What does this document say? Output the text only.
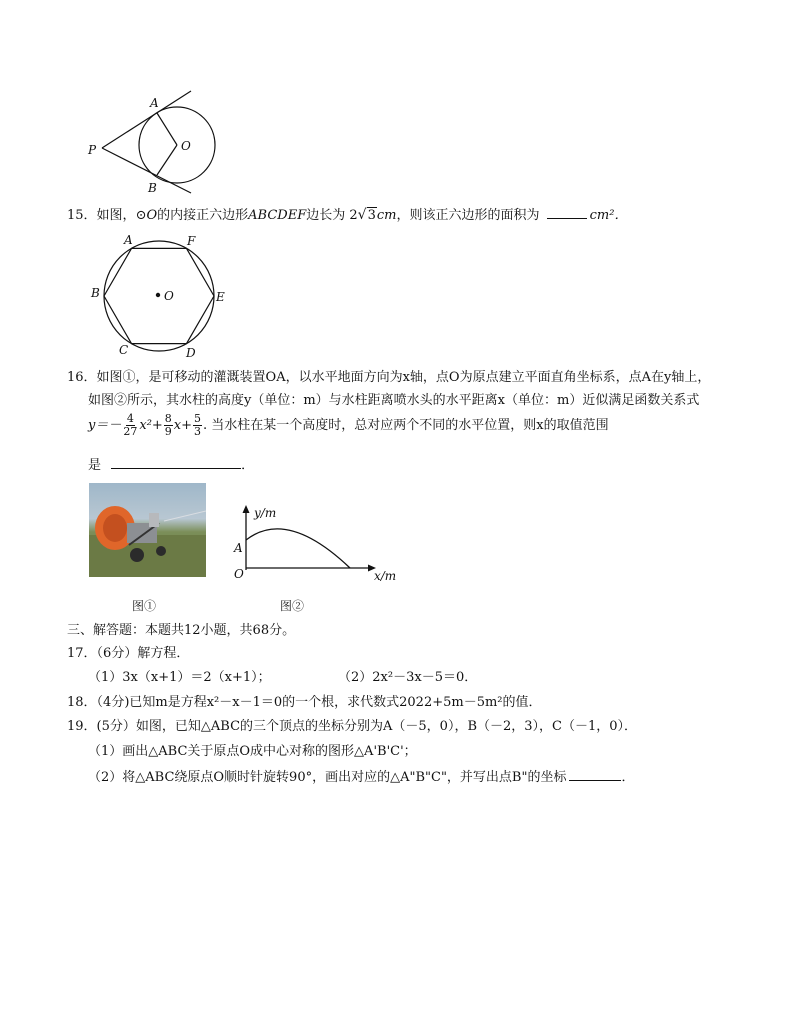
A
P	O
B
15．如图，⊙O的内接正六边形ABCDEF边长为 2√3cm，则该正六边形的面积为	cm²．
A	F
B	O	E
C	D
16．如图①，是可移动的灌溉装置OA，以水平地面方向为x轴，点O为原点建立平面直角坐标系，点A在y轴上，
如图②所示，其水柱的高度y（单位：m）与水柱距离喷水头的水平距离x（单位：m）近似满足函数关系式
$y=- \frac{4}{27} x^2+ \frac{8}{9} x+ \frac{5}{3}$ . 当水柱在某一个高度时，总对应两个不同的水平位置，则x的取值范围
是	．
图①
y/m
A
O	x/m
图②
三、解答题：本题共12小题，共68分。
17．（6分）解方程．
（1）3x（x+1）＝2（x+1）；	（2）2x²－3x－5＝0．
18．（4分)已知m是方程x²－x－1＝0的一个根，求代数式2022+5m－5m²的值．
19．(5分）如图，已知△ABC的三个顶点的坐标分别为A（－5，0），B（－2，3），C（－1，0）．
（1）画出△ABC关于原点O成中心对称的图形△A'B'C'；
（2）将△ABC绕原点O顺时针旋转90°，画出对应的△A"B"C"，并写出点B"的坐标	．
